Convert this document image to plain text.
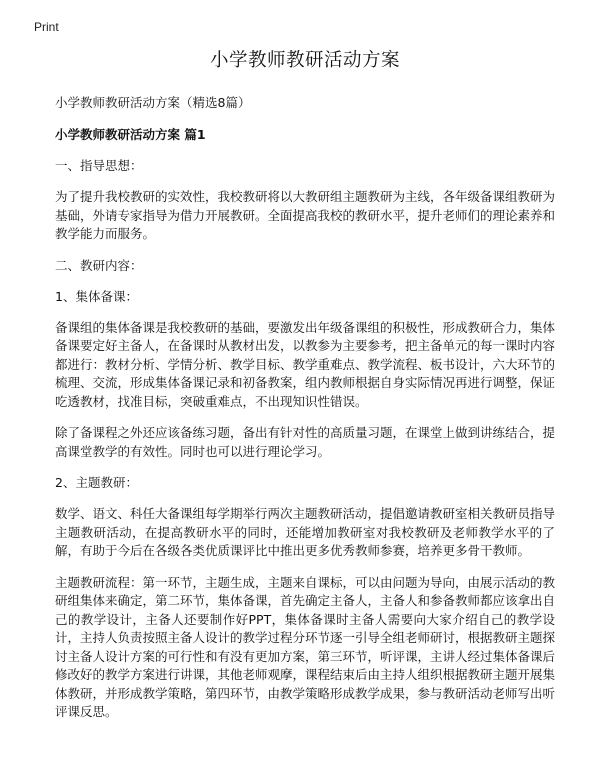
Print
小学教师教研活动方案
小学教师教研活动方案（精选8篇）
小学教师教研活动方案 篇1
一、指导思想：
为了提升我校教研的实效性，我校教研将以大教研组主题教研为主线，各年级备课组教研为基础，外请专家指导为借力开展教研。全面提高我校的教研水平，提升老师们的理论素养和教学能力而服务。
二、教研内容：
1、集体备课：
备课组的集体备课是我校教研的基础，要激发出年级备课组的积极性，形成教研合力，集体备课要定好主备人，在备课时从教材出发，以教参为主要参考，把主备单元的每一课时内容都进行：教材分析、学情分析、教学目标、教学重难点、教学流程、板书设计，六大环节的梳理、交流，形成集体备课记录和初备教案，组内教师根据自身实际情况再进行调整，保证吃透教材，找准目标，突破重难点，不出现知识性错误。
除了备课程之外还应该备练习题，备出有针对性的高质量习题，在课堂上做到讲练结合，提高课堂教学的有效性。同时也可以进行理论学习。
2、主题教研：
数学、语文、科任大备课组每学期举行两次主题教研活动，提倡邀请教研室相关教研员指导主题教研活动，在提高教研水平的同时，还能增加教研室对我校教研及老师教学水平的了解，有助于今后在各级各类优质课评比中推出更多优秀教师参赛，培养更多骨干教师。
主题教研流程：第一环节，主题生成，主题来自课标，可以由问题为导向，由展示活动的教研组集体来确定，第二环节，集体备课，首先确定主备人，主备人和参备教师都应该拿出自己的教学设计，主备人还要制作好PPT，集体备课时主备人需要向大家介绍自己的教学设计，主持人负责按照主备人设计的教学过程分环节逐一引导全组老师研讨，根据教研主题探讨主备人设计方案的可行性和有没有更加方案，第三环节，听评课，主讲人经过集体备课后修改好的教学方案进行讲课，其他老师观摩，课程结束后由主持人组织根据教研主题开展集体教研，并形成教学策略，第四环节，由教学策略形成教学成果，参与教研活动老师写出听评课反思。
